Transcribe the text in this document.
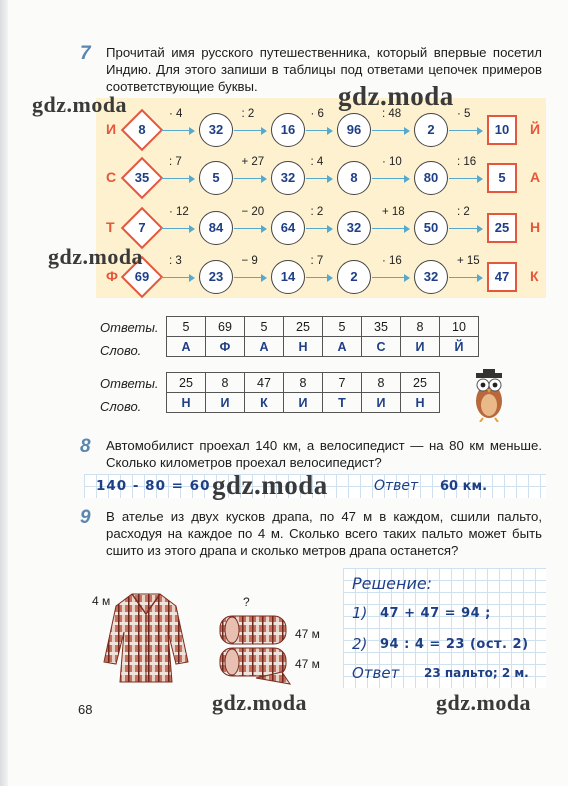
7 Прочитай имя русского путешественника, который впервые посетил Индию. Для этого запиши в таблицы под ответами цепочек примеров соответствующие буквы.
И	Й
8	32	16	96	2	10
· 4	: 2	· 6	: 48	· 5
С	А
35	5	32	8	80	5
: 7	+ 27	: 4	· 10	: 16
Т	Н
7	84	64	32	50	25
· 12	− 20	: 2	+ 18	: 2
Ф	К
69	23	14	2	32	47
: 3	− 9	: 7	· 16	+ 15
gdz.moda	gdz.moda
gdz.moda
Ответы.
Слово.
5	69	5	25	5	35	8	10
А	Ф	А	Н	А	С	И	Й
Ответы.
Слово.
25	8	47	8	7	8	25
Н	И	К	И	Т	И	Н
8 Автомобилист проехал 140 км, а велосипедист — на 80 км меньше. Сколько километров проехал велосипедист?
140 - 80 = 60 gdz.moda	Ответ 60 км.
9 В ателье из двух кусков драпа, по 47 м в каждом, сшили пальто, расходуя на каждое по 4 м. Сколько всего таких пальто может быть сшито из этого драпа и сколько метров драпа останется?
4 м	?
47 м
47 м
Решение:
1) 47 + 47 = 94 ;
2) 94 : 4 = 23 (ост. 2)
Ответ 23 пальто; 2 м.
68	gdz.moda	gdz.moda
